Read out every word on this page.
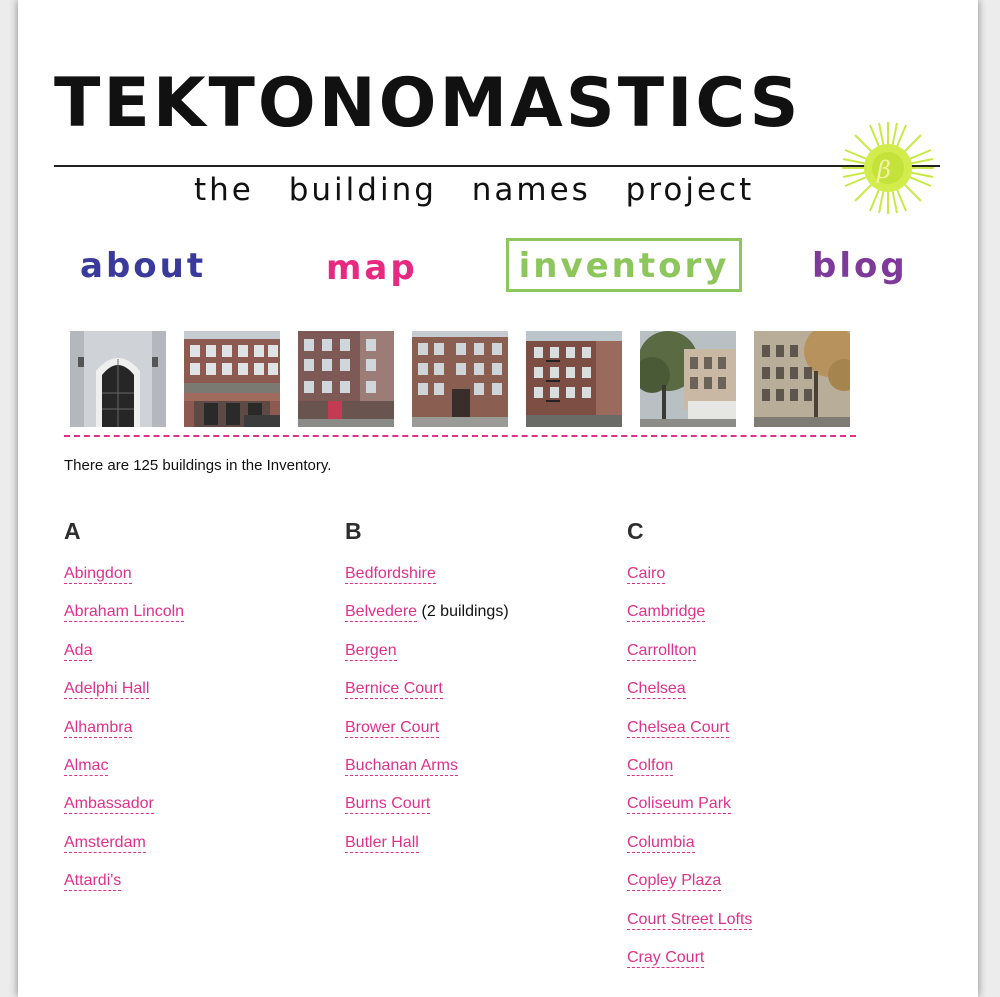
TEKTONOMASTICS
the building names project
β
about	map	inventory	blog
There are 125 buildings in the Inventory.
A
Abingdon
Abraham Lincoln
Ada
Adelphi Hall
Alhambra
Almac
Ambassador
Amsterdam
Attardi's
B
Bedfordshire
Belvedere (2 buildings)
Bergen
Bernice Court
Brower Court
Buchanan Arms
Burns Court
Butler Hall
C
Cairo
Cambridge
Carrollton
Chelsea
Chelsea Court
Colfon
Coliseum Park
Columbia
Copley Plaza
Court Street Lofts
Cray Court
